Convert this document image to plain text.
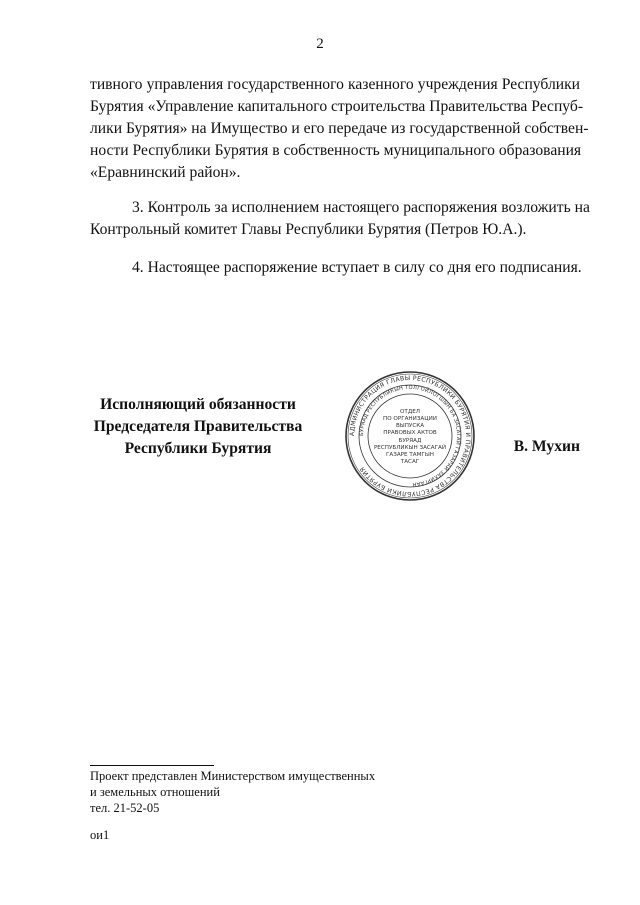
2
тивного управления государственного казенного учреждения Республики
Бурятия «Управление капитального строительства Правительства Респуб-
лики Бурятия» на Имущество и его передаче из государственной собствен-
ности Республики Бурятия в собственность муниципального образования
«Еравнинский район».
3. Контроль за исполнением настоящего распоряжения возложить на
Контрольный комитет Главы Республики Бурятия (Петров Ю.А.).
4. Настоящее распоряжение вступает в силу со дня его подписания.
Исполняющий обязанности
Председателя Правительства
Республики Бурятия
АДМИНИСТРАЦИЯ ГЛАВЫ РЕСПУБЛИКИ БУРЯТИЯ И ПРАВИТЕЛЬСТВА РЕСПУБЛИКИ БУРЯТИЯ
БУРЯАД РЕСПУБЛИКЫН ТОЛГОЙЛОГШЫН БА ЗАСАГАЙ ГАЗАРАЙ ЗАХИРГААН
ОТДЕЛ
ПО ОРГАНИЗАЦИИ
ВЫПУСКА
ПРАВОВЫХ АКТОВ
БУРЯАД
РЕСПУБЛИКЫН ЗАСАГАЙ
ГАЗАРЕ ТАМГЫН
ТАСАГ
В. Мухин
Проект представлен Министерством имущественных
и земельных отношений
тел. 21-52-05
ои1
